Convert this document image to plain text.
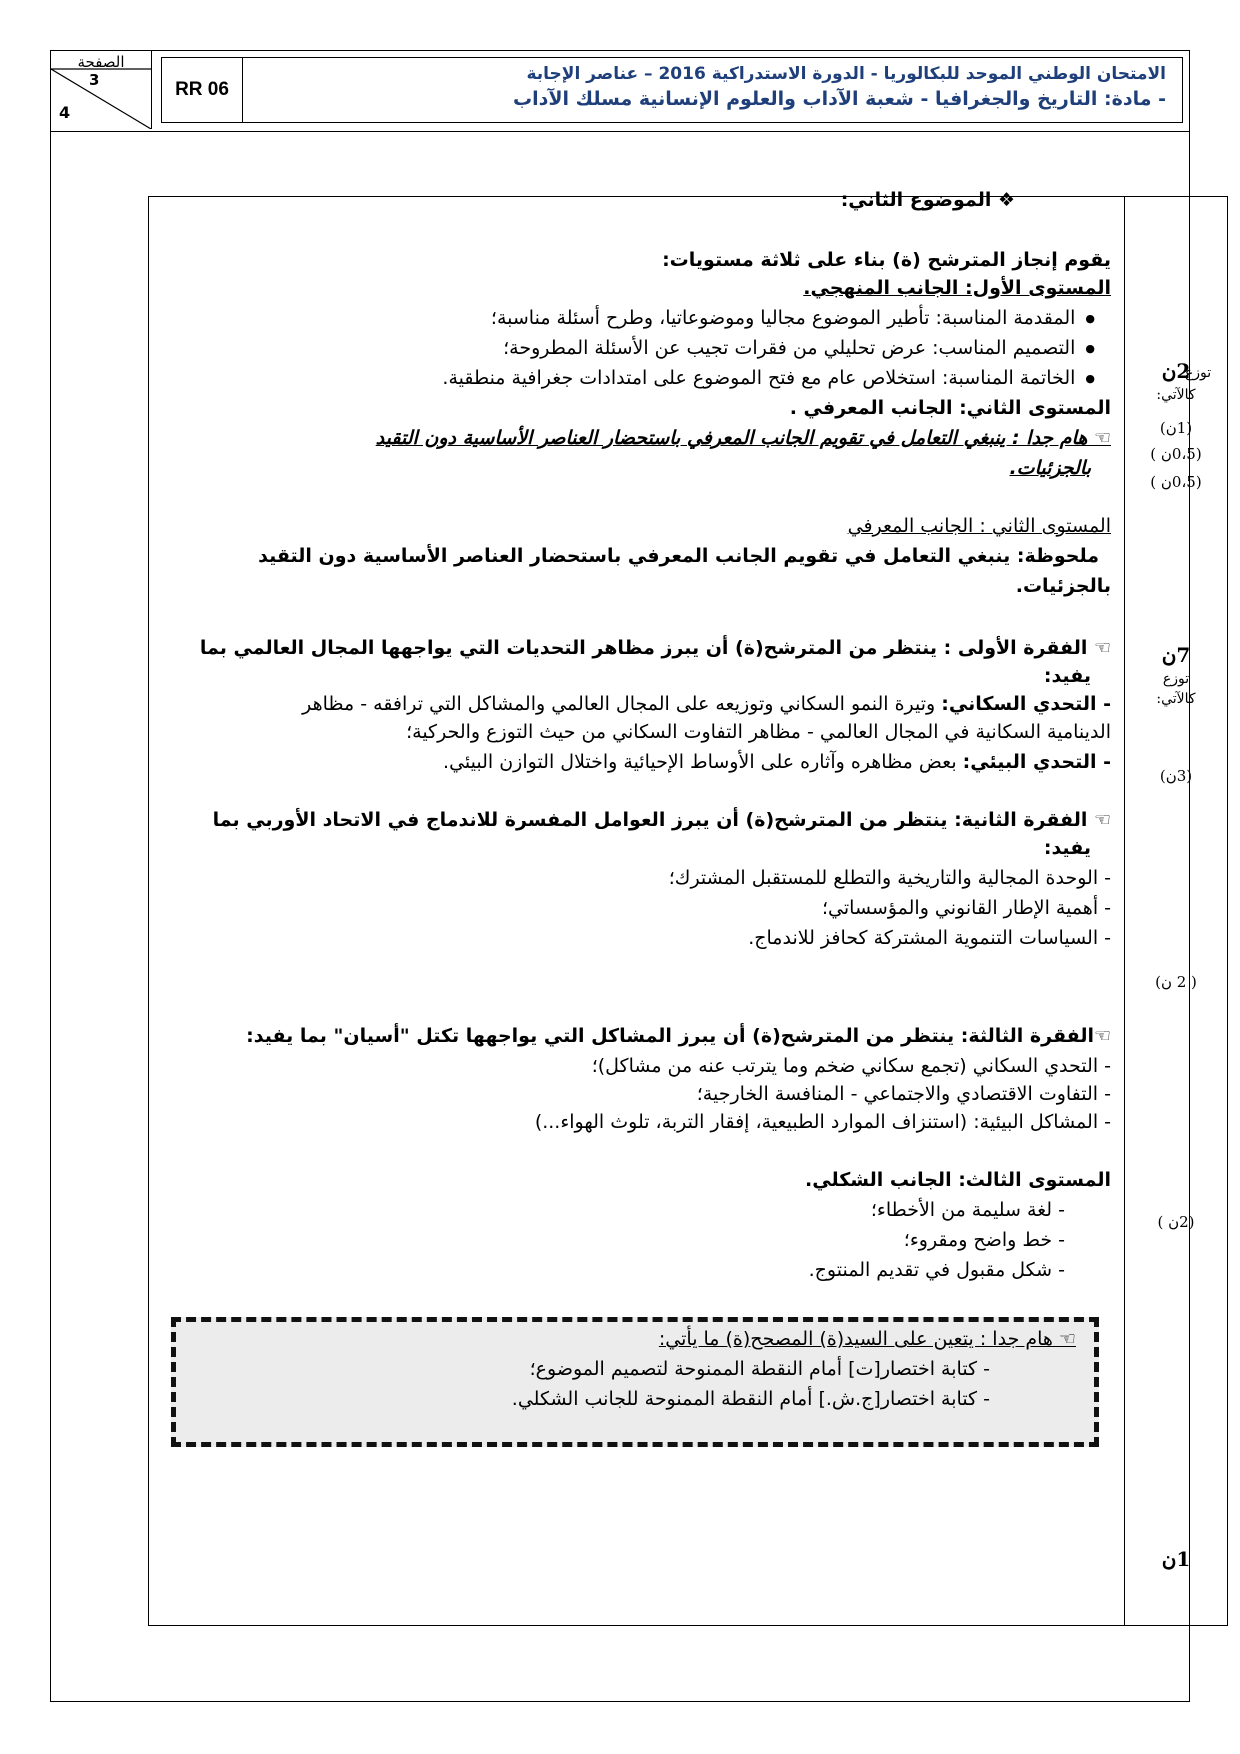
الصفحة
3
4
RR 06
الامتحان الوطني الموحد للبكالوريا - الدورة الاستدراكية 2016 – عناصر الإجابة
- مادة: التاريخ والجغرافيا - شعبة الآداب والعلوم الإنسانية مسلك الآداب
2ن
توزع
كالآتي:
(1ن)
(0،5ن )
(0،5ن )
7ن
توزع
كالآتي:
(3ن)
( 2 ن)
(2ن )
1ن
❖ الموضوع الثاني:
يقوم إنجاز المترشح (ة) بناء على ثلاثة مستويات:
المستوى الأول: الجانب المنهجي.
● المقدمة المناسبة: تأطير الموضوع مجاليا وموضوعاتيا، وطرح أسئلة مناسبة؛
● التصميم المناسب: عرض تحليلي من فقرات تجيب عن الأسئلة المطروحة؛
● الخاتمة المناسبة: استخلاص عام مع فتح الموضوع على امتدادات جغرافية منطقية.
المستوى الثاني: الجانب المعرفي .
☜ هام جدا : ينبغي التعامل في تقويم الجانب المعرفي باستحضار العناصر الأساسية دون التقيد
بالجزئيات.
المستوى الثاني : الجانب المعرفي
ملحوظة: ينبغي التعامل في تقويم الجانب المعرفي باستحضار العناصر الأساسية دون التقيد
بالجزئيات.
☜ الفقرة الأولى : ينتظر من المترشح(ة) أن يبرز مظاهر التحديات التي يواجهها المجال العالمي بما
يفيد:
- التحدي السكاني: وتيرة النمو السكاني وتوزيعه على المجال العالمي والمشاكل التي ترافقه - مظاهر
الدينامية السكانية في المجال العالمي - مظاهر التفاوت السكاني من حيث التوزع والحركية؛
- التحدي البيئي: بعض مظاهره وآثاره على الأوساط الإحيائية واختلال التوازن البيئي.
☜ الفقرة الثانية: ينتظر من المترشح(ة) أن يبرز العوامل المفسرة للاندماج في الاتحاد الأوربي بما
يفيد:
- الوحدة المجالية والتاريخية والتطلع للمستقبل المشترك؛
- أهمية الإطار القانوني والمؤسساتي؛
- السياسات التنموية المشتركة كحافز للاندماج.
☜الفقرة الثالثة: ينتظر من المترشح(ة) أن يبرز المشاكل التي يواجهها تكتل "أسيان" بما يفيد:
- التحدي السكاني (تجمع سكاني ضخم وما يترتب عنه من مشاكل)؛
- التفاوت الاقتصادي والاجتماعي - المنافسة الخارجية؛
- المشاكل البيئية: (استنزاف الموارد الطبيعية، إفقار التربة، تلوث الهواء...)
المستوى الثالث: الجانب الشكلي.
- لغة سليمة من الأخطاء؛
- خط واضح ومقروء؛
- شكل مقبول في تقديم المنتوج.
☜ هام جدا : يتعين على السيد(ة) المصحح(ة) ما يأتي:
- كتابة اختصار[ت] أمام النقطة الممنوحة لتصميم الموضوع؛
- كتابة اختصار[ج.ش.] أمام النقطة الممنوحة للجانب الشكلي.
